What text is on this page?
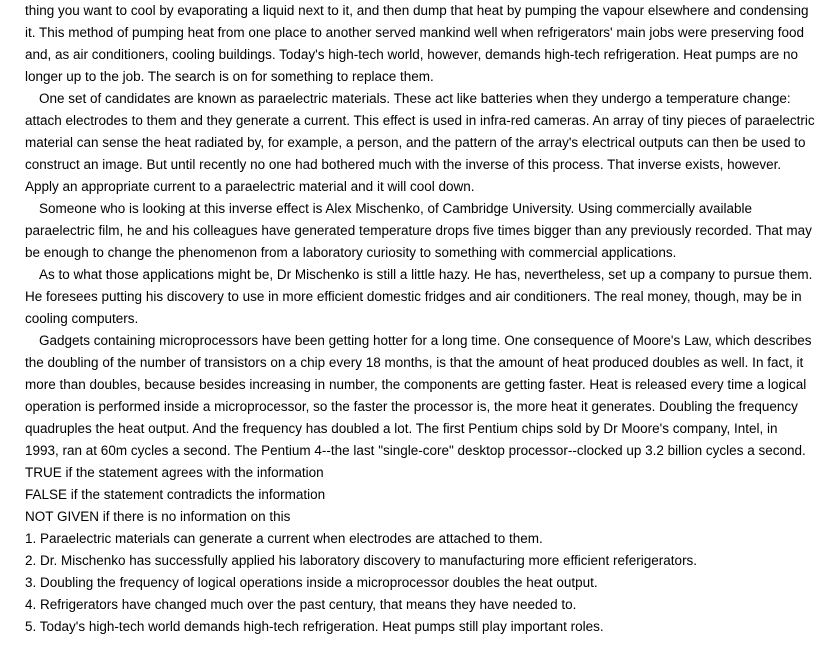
thing you want to cool by evaporating a liquid next to it, and then dump that heat by pumping the vapour elsewhere and condensing it. This method of pumping heat from one place to another served mankind well when refrigerators' main jobs were preserving food and, as air conditioners, cooling buildings. Today's high-tech world, however, demands high-tech refrigeration. Heat pumps are no longer up to the job. The search is on for something to replace them.

One set of candidates are known as paraelectric materials. These act like batteries when they undergo a temperature change: attach electrodes to them and they generate a current. This effect is used in infra-red cameras. An array of tiny pieces of paraelectric material can sense the heat radiated by, for example, a person, and the pattern of the array's electrical outputs can then be used to construct an image. But until recently no one had bothered much with the inverse of this process. That inverse exists, however. Apply an appropriate current to a paraelectric material and it will cool down.

Someone who is looking at this inverse effect is Alex Mischenko, of Cambridge University. Using commercially available paraelectric film, he and his colleagues have generated temperature drops five times bigger than any previously recorded. That may be enough to change the phenomenon from a laboratory curiosity to something with commercial applications.

As to what those applications might be, Dr Mischenko is still a little hazy. He has, nevertheless, set up a company to pursue them. He foresees putting his discovery to use in more efficient domestic fridges and air conditioners. The real money, though, may be in cooling computers.

Gadgets containing microprocessors have been getting hotter for a long time. One consequence of Moore's Law, which describes the doubling of the number of transistors on a chip every 18 months, is that the amount of heat produced doubles as well. In fact, it more than doubles, because besides increasing in number, the components are getting faster. Heat is released every time a logical operation is performed inside a microprocessor, so the faster the processor is, the more heat it generates. Doubling the frequency quadruples the heat output. And the frequency has doubled a lot. The first Pentium chips sold by Dr Moore's company, Intel, in 1993, ran at 60m cycles a second. The Pentium 4--the last "single-core" desktop processor--clocked up 3.2 billion cycles a second.

TRUE if the statement agrees with the information

FALSE if the statement contradicts the information

NOT GIVEN if there is no information on this

1. Paraelectric materials can generate a current when electrodes are attached to them.

2. Dr. Mischenko has successfully applied his laboratory discovery to manufacturing more efficient referigerators.

3. Doubling the frequency of logical operations inside a microprocessor doubles the heat output.

4. Refrigerators have changed much over the past century, that means they have needed to.

5. Today's high-tech world demands high-tech refrigeration. Heat pumps still play important roles.
